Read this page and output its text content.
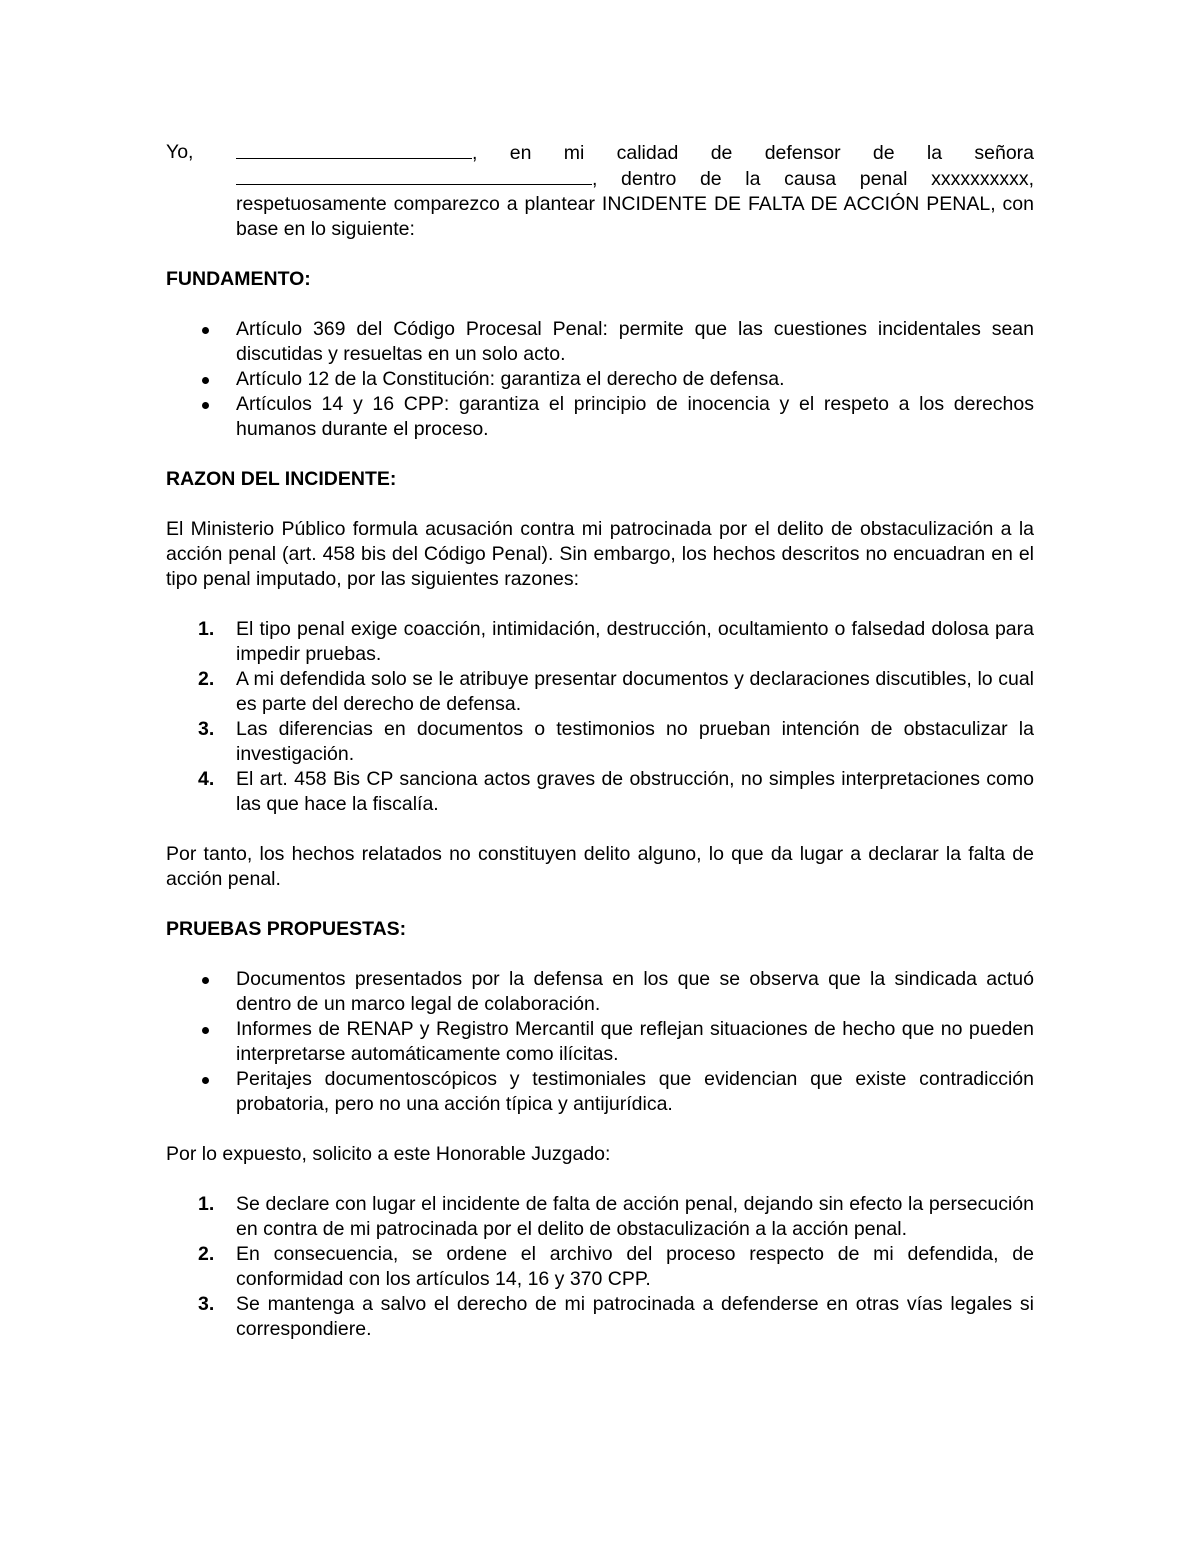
Yo,	, en mi calidad de defensor de la señora , dentro de la causa penal xxxxxxxxxx, respetuosamente comparezco a plantear INCIDENTE DE FALTA DE ACCIÓN PENAL, con base en lo siguiente:
FUNDAMENTO:
Artículo 369 del Código Procesal Penal: permite que las cuestiones incidentales sean discutidas y resueltas en un solo acto.
Artículo 12 de la Constitución: garantiza el derecho de defensa.
Artículos 14 y 16 CPP: garantiza el principio de inocencia y el respeto a los derechos humanos durante el proceso.
RAZON DEL INCIDENTE:
El Ministerio Público formula acusación contra mi patrocinada por el delito de obstaculización a la acción penal (art. 458 bis del Código Penal). Sin embargo, los hechos descritos no encuadran en el tipo penal imputado, por las siguientes razones:
1. El tipo penal exige coacción, intimidación, destrucción, ocultamiento o falsedad dolosa para impedir pruebas.
2. A mi defendida solo se le atribuye presentar documentos y declaraciones discutibles, lo cual es parte del derecho de defensa.
3. Las diferencias en documentos o testimonios no prueban intención de obstaculizar la investigación.
4. El art. 458 Bis CP sanciona actos graves de obstrucción, no simples interpretaciones como las que hace la fiscalía.
Por tanto, los hechos relatados no constituyen delito alguno, lo que da lugar a declarar la falta de acción penal.
PRUEBAS PROPUESTAS:
Documentos presentados por la defensa en los que se observa que la sindicada actuó dentro de un marco legal de colaboración.
Informes de RENAP y Registro Mercantil que reflejan situaciones de hecho que no pueden interpretarse automáticamente como ilícitas.
Peritajes documentoscópicos y testimoniales que evidencian que existe contradicción probatoria, pero no una acción típica y antijurídica.
Por lo expuesto, solicito a este Honorable Juzgado:
1. Se declare con lugar el incidente de falta de acción penal, dejando sin efecto la persecución en contra de mi patrocinada por el delito de obstaculización a la acción penal.
2. En consecuencia, se ordene el archivo del proceso respecto de mi defendida, de conformidad con los artículos 14, 16 y 370 CPP.
3. Se mantenga a salvo el derecho de mi patrocinada a defenderse en otras vías legales si correspondiere.
